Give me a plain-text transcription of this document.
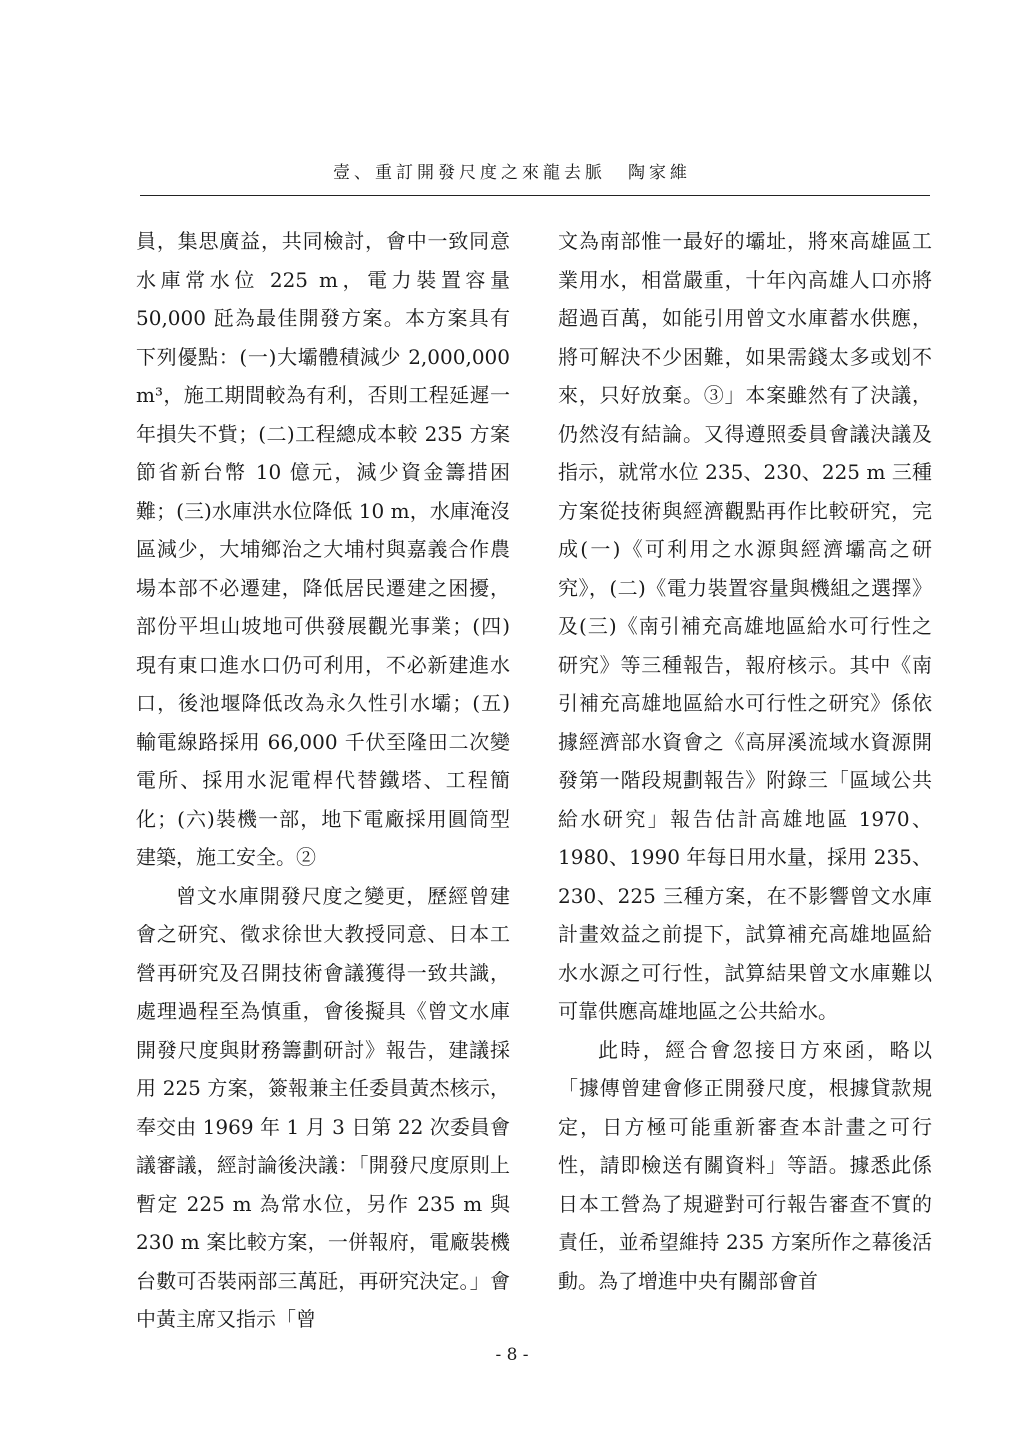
壹、重訂開發尺度之來龍去脈 陶家維

員，集思廣益，共同檢討，會中一致同意水庫常水位 225 m，電力裝置容量 50,000 瓩為最佳開發方案。本方案具有下列優點：(一)大壩體積減少 2,000,000 m³，施工期間較為有利，否則工程延遲一年損失不貲；(二)工程總成本較 235 方案節省新台幣 10 億元，減少資金籌措困難；(三)水庫洪水位降低 10 m，水庫淹沒區減少，大埔鄉治之大埔村與嘉義合作農場本部不必遷建，降低居民遷建之困擾，部份平坦山坡地可供發展觀光事業；(四)現有東口進水口仍可利用，不必新建進水口，後池堰降低改為永久性引水壩；(五)輸電線路採用 66,000 千伏至隆田二次變電所、採用水泥電桿代替鐵塔、工程簡化；(六)裝機一部，地下電廠採用圓筒型建築，施工安全。②

曾文水庫開發尺度之變更，歷經曾建會之研究、徵求徐世大教授同意、日本工營再研究及召開技術會議獲得一致共識，處理過程至為慎重，會後擬具《曾文水庫開發尺度與財務籌劃研討》報告，建議採用 225 方案，簽報兼主任委員黃杰核示，奉交由 1969 年 1 月 3 日第 22 次委員會議審議，經討論後決議：「開發尺度原則上暫定 225 m 為常水位，另作 235 m 與 230 m 案比較方案，一併報府，電廠裝機台數可否裝兩部三萬瓩，再研究決定。」會中黃主席又指示「曾

文為南部惟一最好的壩址，將來高雄區工業用水，相當嚴重，十年內高雄人口亦將超過百萬，如能引用曾文水庫蓄水供應，將可解決不少困難，如果需錢太多或划不來，只好放棄。③」本案雖然有了決議，仍然沒有結論。又得遵照委員會議決議及指示，就常水位 235、230、225 m 三種方案從技術與經濟觀點再作比較研究，完成(一)《可利用之水源與經濟壩高之研究》，(二)《電力裝置容量與機組之選擇》及(三)《南引補充高雄地區給水可行性之研究》等三種報告，報府核示。其中《南引補充高雄地區給水可行性之研究》係依據經濟部水資會之《高屏溪流域水資源開發第一階段規劃報告》附錄三「區域公共給水研究」報告估計高雄地區 1970、1980、1990 年每日用水量，採用 235、230、225 三種方案，在不影響曾文水庫計畫效益之前提下，試算補充高雄地區給水水源之可行性，試算結果曾文水庫難以可靠供應高雄地區之公共給水。

此時，經合會忽接日方來函，略以「據傳曾建會修正開發尺度，根據貸款規定，日方極可能重新審查本計畫之可行性，請即檢送有關資料」等語。據悉此係日本工營為了規避對可行報告審查不實的責任，並希望維持 235 方案所作之幕後活動。為了增進中央有關部會首

- 8 -
